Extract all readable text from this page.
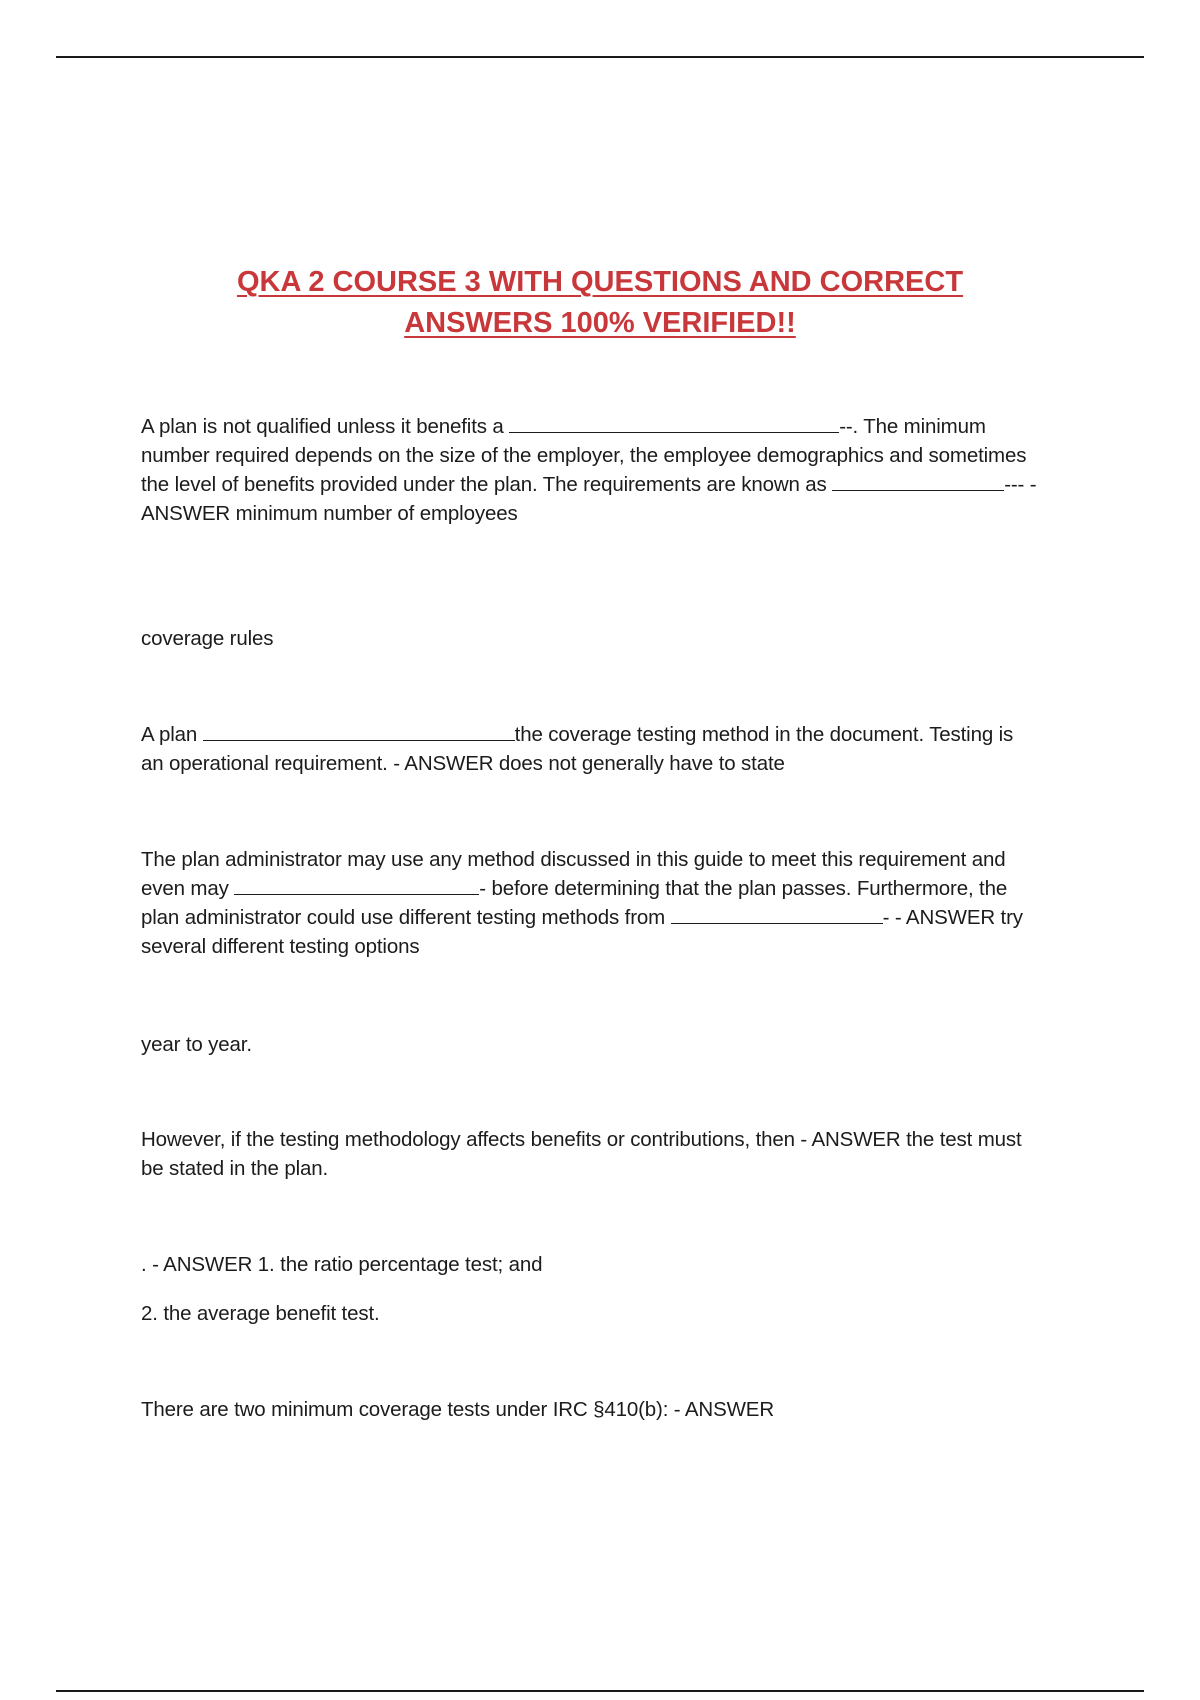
QKA 2 COURSE 3 WITH QUESTIONS AND CORRECT
ANSWERS 100% VERIFIED!!

A plan is not qualified unless it benefits a	--. The minimum number required depends on the size of the employer, the employee demographics and sometimes the level of benefits provided under the plan. The requirements are known as	--- - ANSWER minimum number of employees

coverage rules

A plan	the coverage testing method in the document. Testing is an operational requirement. - ANSWER does not generally have to state

The plan administrator may use any method discussed in this guide to meet this requirement and even may	- before determining that the plan passes. Furthermore, the plan administrator could use different testing methods from	- - ANSWER try several different testing options

year to year.

However, if the testing methodology affects benefits or contributions, then - ANSWER the test must be stated in the plan.

. - ANSWER 1. the ratio percentage test; and

2. the average benefit test.

There are two minimum coverage tests under IRC §410(b): - ANSWER
